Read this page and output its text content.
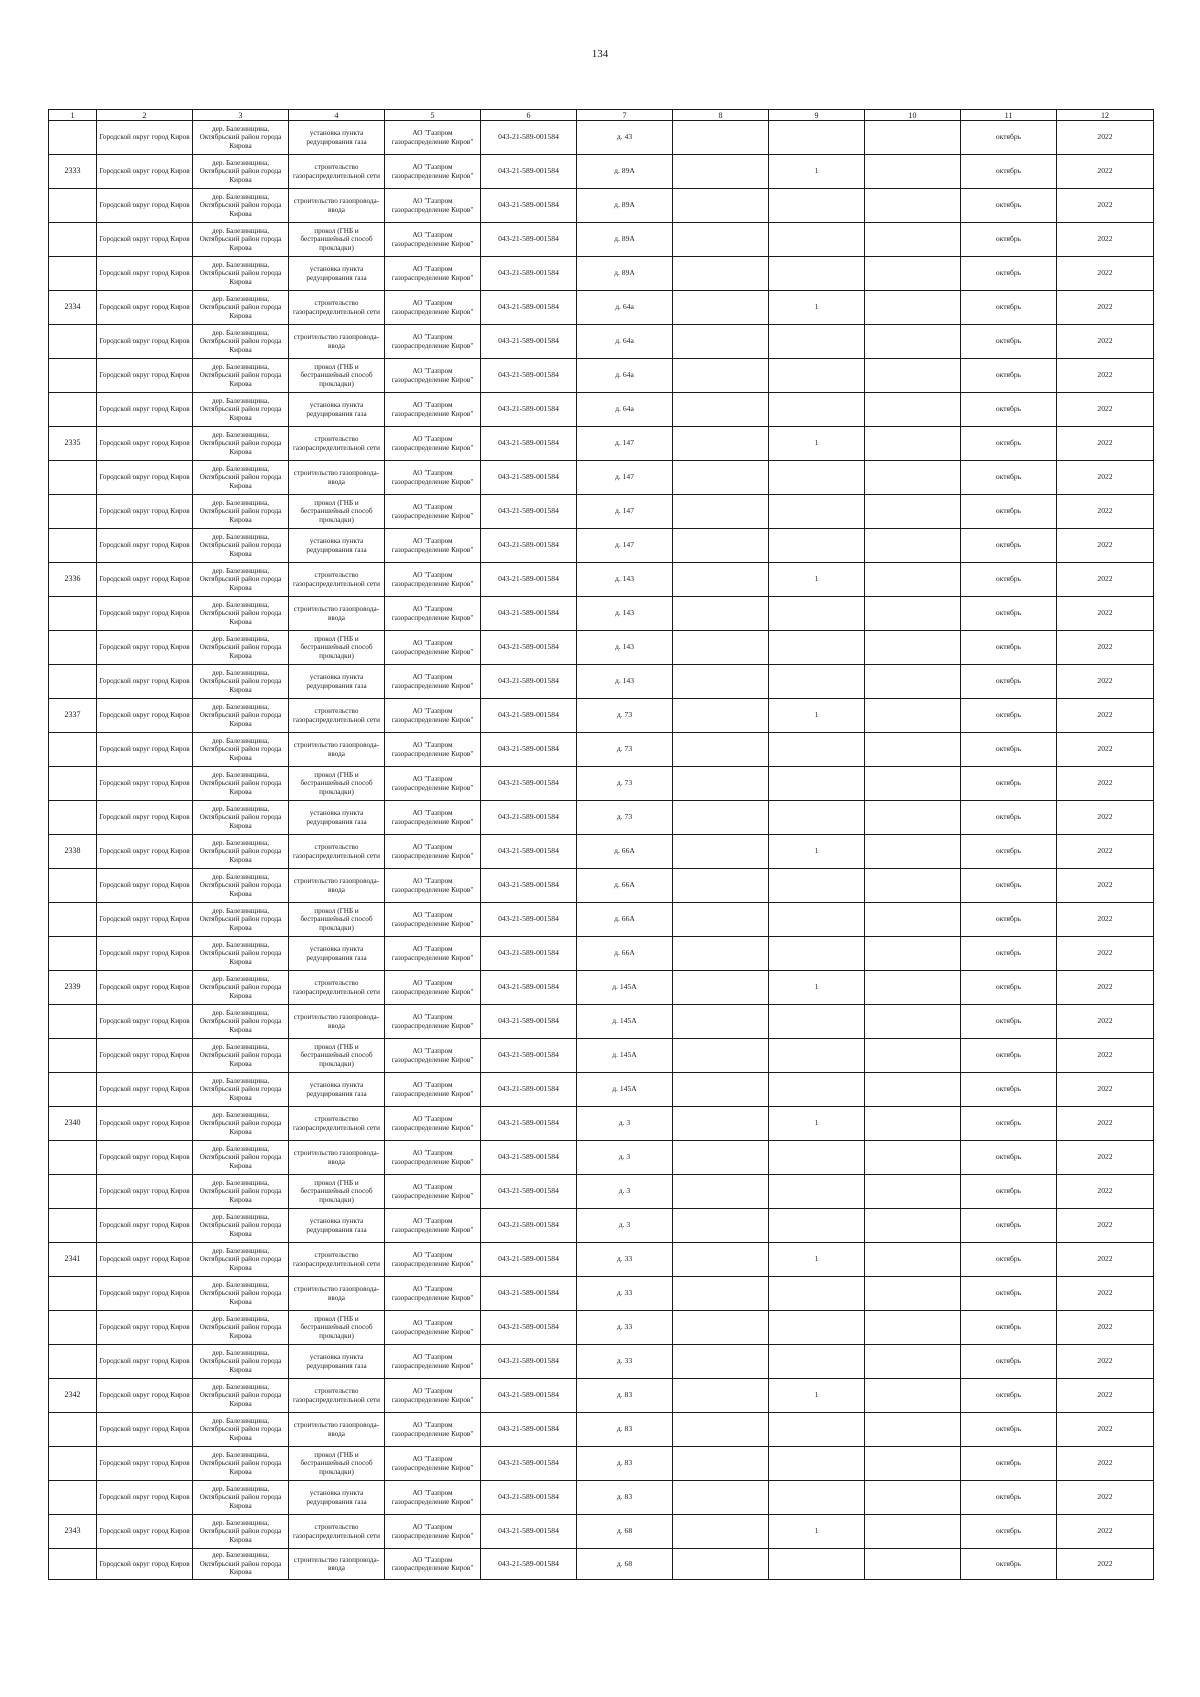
134
1	2	3	4	5	6	7	8	9	10	11	12
	Городской округ город Киров	дер. Балезинщина, Октябрьский район города Кирова	установка пункта редуцирования газа	АО "Газпром газораспределение Киров"	043-21-589-001584	д. 43				октябрь	2022
2333	Городской округ город Киров	дер. Балезинщина, Октябрьский район города Кирова	строительство газораспределительной сети	АО "Газпром газораспределение Киров"	043-21-589-001584	д. 89А		1		октябрь	2022
	Городской округ город Киров	дер. Балезинщина, Октябрьский район города Кирова	строительство газопровода-ввода	АО "Газпром газораспределение Киров"	043-21-589-001584	д. 89А				октябрь	2022
	Городской округ город Киров	дер. Балезинщина, Октябрьский район города Кирова	прокол (ГНБ и бестраншейный способ прокладки)	АО "Газпром газораспределение Киров"	043-21-589-001584	д. 89А				октябрь	2022
	Городской округ город Киров	дер. Балезинщина, Октябрьский район города Кирова	установка пункта редуцирования газа	АО "Газпром газораспределение Киров"	043-21-589-001584	д. 89А				октябрь	2022
2334	Городской округ город Киров	дер. Балезинщина, Октябрьский район города Кирова	строительство газораспределительной сети	АО "Газпром газораспределение Киров"	043-21-589-001584	д. 64а		1		октябрь	2022
	Городской округ город Киров	дер. Балезинщина, Октябрьский район города Кирова	строительство газопровода-ввода	АО "Газпром газораспределение Киров"	043-21-589-001584	д. 64а				октябрь	2022
	Городской округ город Киров	дер. Балезинщина, Октябрьский район города Кирова	прокол (ГНБ и бестраншейный способ прокладки)	АО "Газпром газораспределение Киров"	043-21-589-001584	д. 64а				октябрь	2022
	Городской округ город Киров	дер. Балезинщина, Октябрьский район города Кирова	установка пункта редуцирования газа	АО "Газпром газораспределение Киров"	043-21-589-001584	д. 64а				октябрь	2022
2335	Городской округ город Киров	дер. Балезинщина, Октябрьский район города Кирова	строительство газораспределительной сети	АО "Газпром газораспределение Киров"	043-21-589-001584	д. 147		1		октябрь	2022
	Городской округ город Киров	дер. Балезинщина, Октябрьский район города Кирова	строительство газопровода-ввода	АО "Газпром газораспределение Киров"	043-21-589-001584	д. 147				октябрь	2022
	Городской округ город Киров	дер. Балезинщина, Октябрьский район города Кирова	прокол (ГНБ и бестраншейный способ прокладки)	АО "Газпром газораспределение Киров"	043-21-589-001584	д. 147				октябрь	2022
	Городской округ город Киров	дер. Балезинщина, Октябрьский район города Кирова	установка пункта редуцирования газа	АО "Газпром газораспределение Киров"	043-21-589-001584	д. 147				октябрь	2022
2336	Городской округ город Киров	дер. Балезинщина, Октябрьский район города Кирова	строительство газораспределительной сети	АО "Газпром газораспределение Киров"	043-21-589-001584	д. 143		1		октябрь	2022
	Городской округ город Киров	дер. Балезинщина, Октябрьский район города Кирова	строительство газопровода-ввода	АО "Газпром газораспределение Киров"	043-21-589-001584	д. 143				октябрь	2022
	Городской округ город Киров	дер. Балезинщина, Октябрьский район города Кирова	прокол (ГНБ и бестраншейный способ прокладки)	АО "Газпром газораспределение Киров"	043-21-589-001584	д. 143				октябрь	2022
	Городской округ город Киров	дер. Балезинщина, Октябрьский район города Кирова	установка пункта редуцирования газа	АО "Газпром газораспределение Киров"	043-21-589-001584	д. 143				октябрь	2022
2337	Городской округ город Киров	дер. Балезинщина, Октябрьский район города Кирова	строительство газораспределительной сети	АО "Газпром газораспределение Киров"	043-21-589-001584	д. 73		1		октябрь	2022
	Городской округ город Киров	дер. Балезинщина, Октябрьский район города Кирова	строительство газопровода-ввода	АО "Газпром газораспределение Киров"	043-21-589-001584	д. 73				октябрь	2022
	Городской округ город Киров	дер. Балезинщина, Октябрьский район города Кирова	прокол (ГНБ и бестраншейный способ прокладки)	АО "Газпром газораспределение Киров"	043-21-589-001584	д. 73				октябрь	2022
	Городской округ город Киров	дер. Балезинщина, Октябрьский район города Кирова	установка пункта редуцирования газа	АО "Газпром газораспределение Киров"	043-21-589-001584	д. 73				октябрь	2022
2338	Городской округ город Киров	дер. Балезинщина, Октябрьский район города Кирова	строительство газораспределительной сети	АО "Газпром газораспределение Киров"	043-21-589-001584	д. 66А		1		октябрь	2022
	Городской округ город Киров	дер. Балезинщина, Октябрьский район города Кирова	строительство газопровода-ввода	АО "Газпром газораспределение Киров"	043-21-589-001584	д. 66А				октябрь	2022
	Городской округ город Киров	дер. Балезинщина, Октябрьский район города Кирова	прокол (ГНБ и бестраншейный способ прокладки)	АО "Газпром газораспределение Киров"	043-21-589-001584	д. 66А				октябрь	2022
	Городской округ город Киров	дер. Балезинщина, Октябрьский район города Кирова	установка пункта редуцирования газа	АО "Газпром газораспределение Киров"	043-21-589-001584	д. 66А				октябрь	2022
2339	Городской округ город Киров	дер. Балезинщина, Октябрьский район города Кирова	строительство газораспределительной сети	АО "Газпром газораспределение Киров"	043-21-589-001584	д. 145А		1		октябрь	2022
	Городской округ город Киров	дер. Балезинщина, Октябрьский район города Кирова	строительство газопровода-ввода	АО "Газпром газораспределение Киров"	043-21-589-001584	д. 145А				октябрь	2022
	Городской округ город Киров	дер. Балезинщина, Октябрьский район города Кирова	прокол (ГНБ и бестраншейный способ прокладки)	АО "Газпром газораспределение Киров"	043-21-589-001584	д. 145А				октябрь	2022
	Городской округ город Киров	дер. Балезинщина, Октябрьский район города Кирова	установка пункта редуцирования газа	АО "Газпром газораспределение Киров"	043-21-589-001584	д. 145А				октябрь	2022
2340	Городской округ город Киров	дер. Балезинщина, Октябрьский район города Кирова	строительство газораспределительной сети	АО "Газпром газораспределение Киров"	043-21-589-001584	д. 3		1		октябрь	2022
	Городской округ город Киров	дер. Балезинщина, Октябрьский район города Кирова	строительство газопровода-ввода	АО "Газпром газораспределение Киров"	043-21-589-001584	д. 3				октябрь	2022
	Городской округ город Киров	дер. Балезинщина, Октябрьский район города Кирова	прокол (ГНБ и бестраншейный способ прокладки)	АО "Газпром газораспределение Киров"	043-21-589-001584	д. 3				октябрь	2022
	Городской округ город Киров	дер. Балезинщина, Октябрьский район города Кирова	установка пункта редуцирования газа	АО "Газпром газораспределение Киров"	043-21-589-001584	д. 3				октябрь	2022
2341	Городской округ город Киров	дер. Балезинщина, Октябрьский район города Кирова	строительство газораспределительной сети	АО "Газпром газораспределение Киров"	043-21-589-001584	д. 33		1		октябрь	2022
	Городской округ город Киров	дер. Балезинщина, Октябрьский район города Кирова	строительство газопровода-ввода	АО "Газпром газораспределение Киров"	043-21-589-001584	д. 33				октябрь	2022
	Городской округ город Киров	дер. Балезинщина, Октябрьский район города Кирова	прокол (ГНБ и бестраншейный способ прокладки)	АО "Газпром газораспределение Киров"	043-21-589-001584	д. 33				октябрь	2022
	Городской округ город Киров	дер. Балезинщина, Октябрьский район города Кирова	установка пункта редуцирования газа	АО "Газпром газораспределение Киров"	043-21-589-001584	д. 33				октябрь	2022
2342	Городской округ город Киров	дер. Балезинщина, Октябрьский район города Кирова	строительство газораспределительной сети	АО "Газпром газораспределение Киров"	043-21-589-001584	д. 83		1		октябрь	2022
	Городской округ город Киров	дер. Балезинщина, Октябрьский район города Кирова	строительство газопровода-ввода	АО "Газпром газораспределение Киров"	043-21-589-001584	д. 83				октябрь	2022
	Городской округ город Киров	дер. Балезинщина, Октябрьский район города Кирова	прокол (ГНБ и бестраншейный способ прокладки)	АО "Газпром газораспределение Киров"	043-21-589-001584	д. 83				октябрь	2022
	Городской округ город Киров	дер. Балезинщина, Октябрьский район города Кирова	установка пункта редуцирования газа	АО "Газпром газораспределение Киров"	043-21-589-001584	д. 83				октябрь	2022
2343	Городской округ город Киров	дер. Балезинщина, Октябрьский район города Кирова	строительство газораспределительной сети	АО "Газпром газораспределение Киров"	043-21-589-001584	д. 68		1		октябрь	2022
	Городской округ город Киров	дер. Балезинщина, Октябрьский район города Кирова	строительство газопровода-ввода	АО "Газпром газораспределение Киров"	043-21-589-001584	д. 68				октябрь	2022
